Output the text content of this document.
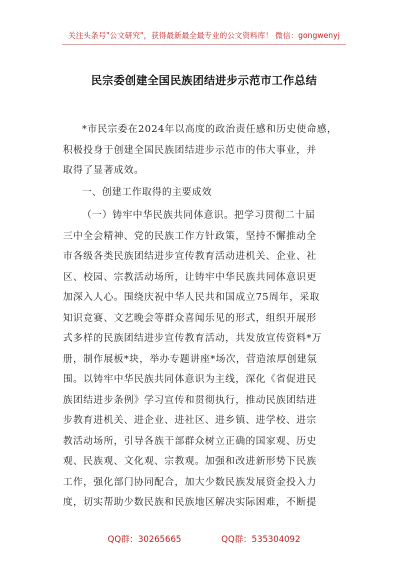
关注头条号"公文研究"，获得最新最全最专业的公文资料库！ 微信：gongwenyj
民宗委创建全国民族团结进步示范市工作总结
*市民宗委在2024年以高度的政治责任感和历史使命感，
积极投身于创建全国民族团结进步示范市的伟大事业，并
取得了显著成效。
一、创建工作取得的主要成效
（一）铸牢中华民族共同体意识。把学习贯彻二十届
三中全会精神、党的民族工作方针政策，坚持不懈推动全
市各级各类民族团结进步宣传教育活动进机关、企业、社
区、校园、宗教活动场所，让铸牢中华民族共同体意识更
加深入人心。围绕庆祝中华人民共和国成立75周年，采取
知识竞赛、文艺晚会等群众喜闻乐见的形式，组织开展形
式多样的民族团结进步宣传教育活动，共发放宣传资料*万
册，制作展板*块，举办专题讲座*场次，营造浓厚创建氛
围。以铸牢中华民族共同体意识为主线，深化《省促进民
族团结进步条例》学习宣传和贯彻执行，推动民族团结进
步教育进机关、进企业、进社区、进乡镇、进学校、进宗
教活动场所，引导各族干部群众树立正确的国家观、历史
观、民族观、文化观、宗教观。加强和改进新形势下民族
工作，强化部门协同配合，加大少数民族发展资金投入力
度，切实帮助少数民族和民族地区解决实际困难，不断提
QQ群：30265665	QQ群：535304092
